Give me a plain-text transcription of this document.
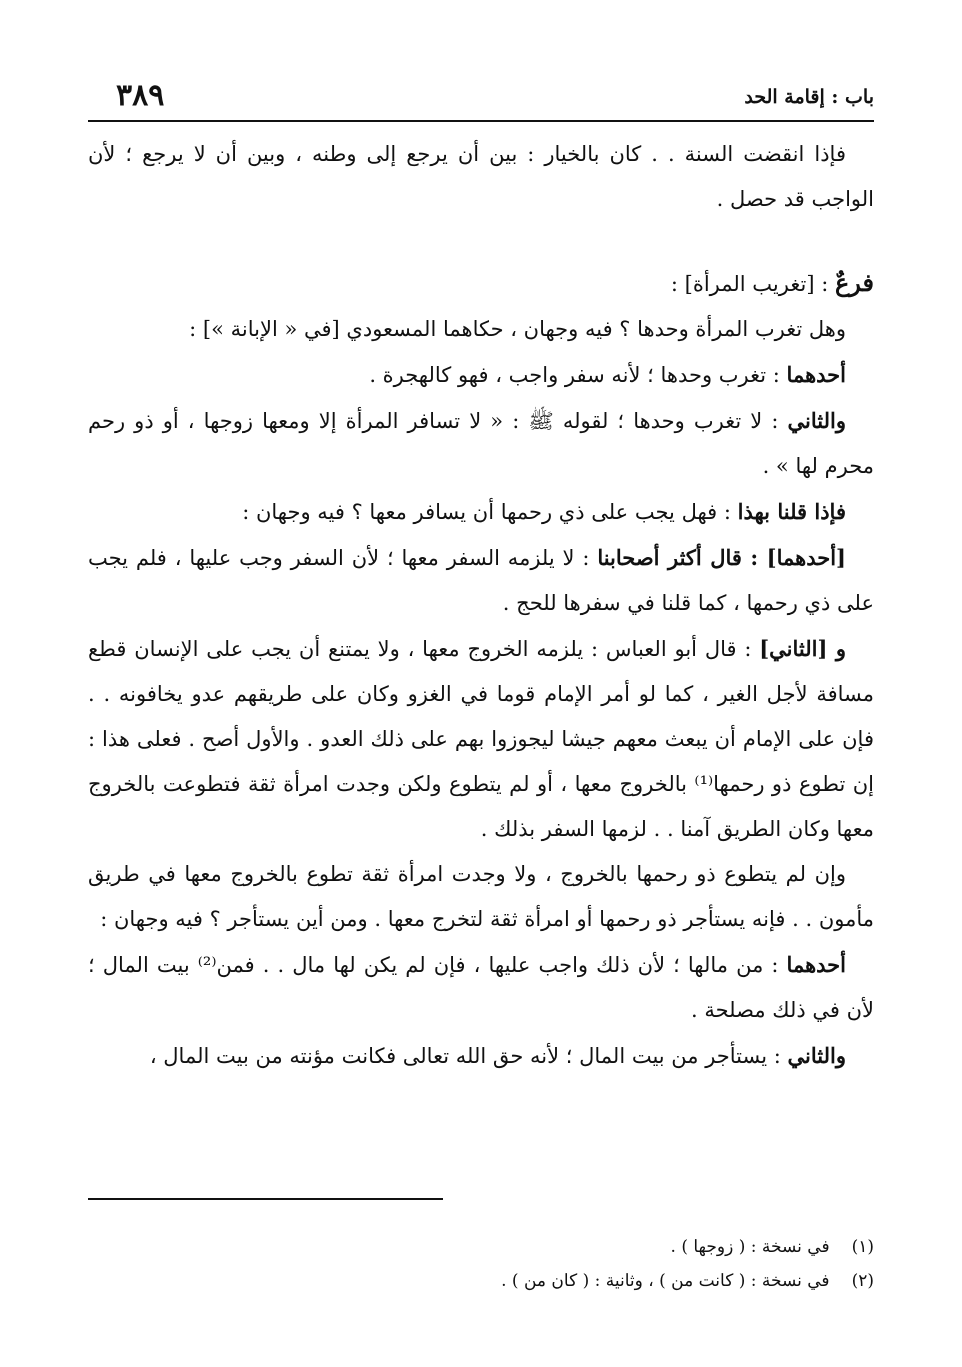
باب : إقامة الحد
٣٨٩

فإذا انقضت السنة . . كان بالخيار : بين أن يرجع إلى وطنه ، وبين أن لا يرجع ؛ لأن الواجب قد حصل .

فرعٌ : [تغريب المرأة] :

وهل تغرب المرأة وحدها ؟ فيه وجهان ، حكاهما المسعودي [في « الإبانة »] :

أحدهما : تغرب وحدها ؛ لأنه سفر واجب ، فهو كالهجرة .

والثاني : لا تغرب وحدها ؛ لقوله ﷺ : « لا تسافر المرأة إلا ومعها زوجها ، أو ذو رحم محرم لها » .

فإذا قلنا بهذا : فهل يجب على ذي رحمها أن يسافر معها ؟ فيه وجهان :

[أحدهما] : قال أكثر أصحابنا : لا يلزمه السفر معها ؛ لأن السفر وجب عليها ، فلم يجب على ذي رحمها ، كما قلنا في سفرها للحج .

و [الثاني] : قال أبو العباس : يلزمه الخروج معها ، ولا يمتنع أن يجب على الإنسان قطع مسافة لأجل الغير ، كما لو أمر الإمام قوما في الغزو وكان على طريقهم عدو يخافونه . . فإن على الإمام أن يبعث معهم جيشا ليجوزوا بهم على ذلك العدو . والأول أصح . فعلى هذا : إن تطوع ذو رحمها⁽¹⁾ بالخروج معها ، أو لم يتطوع ولكن وجدت امرأة ثقة فتطوعت بالخروج معها وكان الطريق آمنا . . لزمها السفر بذلك .

وإن لم يتطوع ذو رحمها بالخروج ، ولا وجدت امرأة ثقة تطوع بالخروج معها في طريق مأمون . . فإنه يستأجر ذو رحمها أو امرأة ثقة لتخرج معها . ومن أين يستأجر ؟ فيه وجهان :

أحدهما : من مالها ؛ لأن ذلك واجب عليها ، فإن لم يكن لها مال . . فمن⁽²⁾ بيت المال ؛ لأن في ذلك مصلحة .

والثاني : يستأجر من بيت المال ؛ لأنه حق الله تعالى فكانت مؤنته من بيت المال ،

(١)في نسخة : ( زوجها ) .

(٢)في نسخة : ( كانت من ) ، وثانية : ( كان من ) .
